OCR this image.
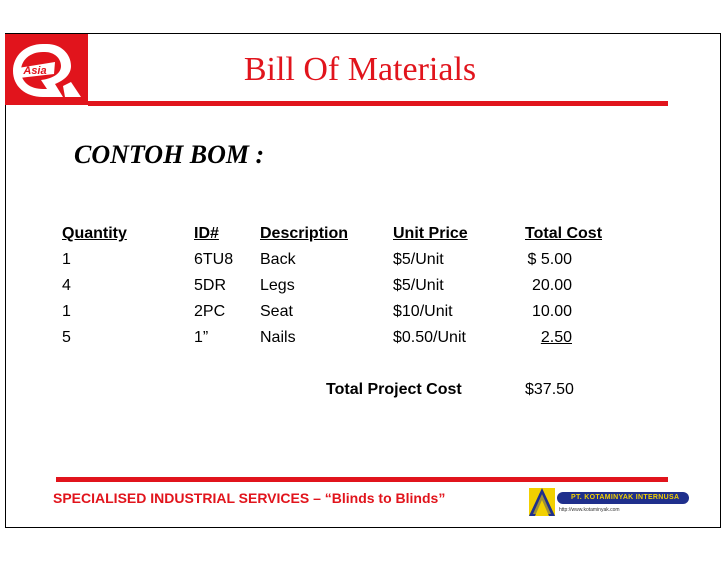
Asia	Bill Of Materials
CONTOH BOM :
Quantity	ID#	Description	Unit Price	Total Cost
1	6TU8 Back	$5/Unit	$ 5.00
4	5DR Legs	$5/Unit	20.00
1	2PC Seat	$10/Unit	10.00
5	1”	Nails	$0.50/Unit	2.50
Total Project Cost	$37.50
SPECIALISED INDUSTRIAL SERVICES – “Blinds to Blinds”	PT. KOTAMINYAK INTERNUSA
http://www.kotaminyak.com
